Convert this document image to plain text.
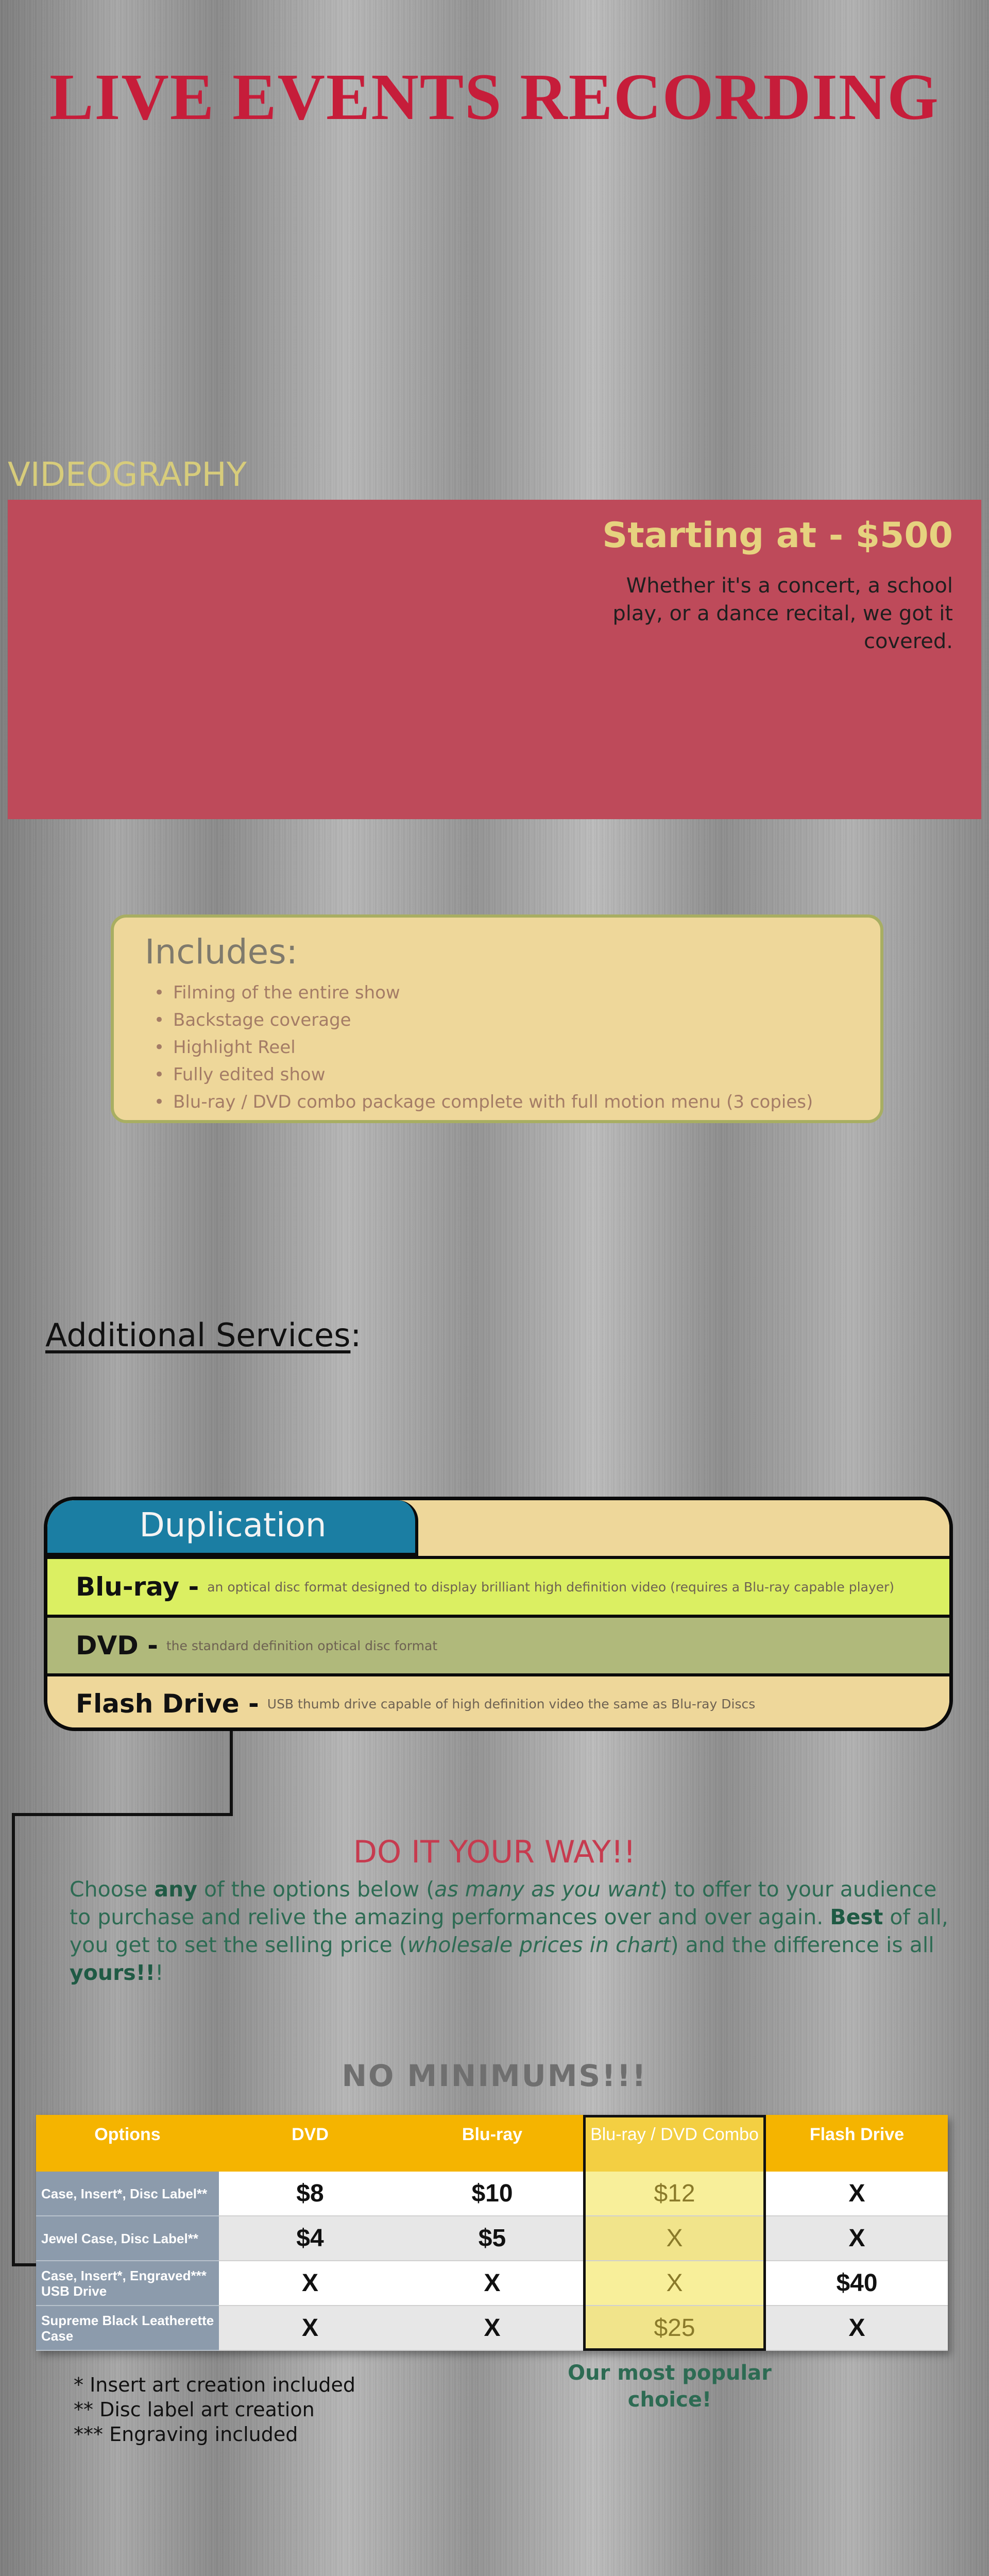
LIVE EVENTS RECORDING
VIDEOGRAPHY
Starting at - $500
Whether it's a concert, a school play, or a dance recital, we got it covered.
Includes:
• Filming of the entire show
• Backstage coverage
• Highlight Reel
• Fully edited show
• Blu-ray / DVD combo package complete with full motion menu (3 copies)
Additional Services:
Duplication
Blu-ray - an optical disc format designed to display brilliant high definition video (requires a Blu-ray capable player)
DVD - the standard definition optical disc format
Flash Drive - USB thumb drive capable of high definition video the same as Blu-ray Discs
DO IT YOUR WAY!!
Choose any of the options below (as many as you want) to offer to your audience to purchase and relive the amazing performances over and over again. Best of all, you get to set the selling price (wholesale prices in chart) and the difference is all yours!!!
NO MINIMUMS!!!
Options	DVD	Blu-ray	Blu-ray / DVD Combo	Flash Drive
Case, Insert*, Disc Label**	$8	$10	$12	X
Jewel Case, Disc Label**	$4	$5	X	X
Case, Insert*, Engraved*** USB Drive	X	X	X	$40
Supreme Black Leatherette Case	X	X	$25	X
* Insert art creation included
** Disc label art creation
*** Engraving included
Our most popular choice!
